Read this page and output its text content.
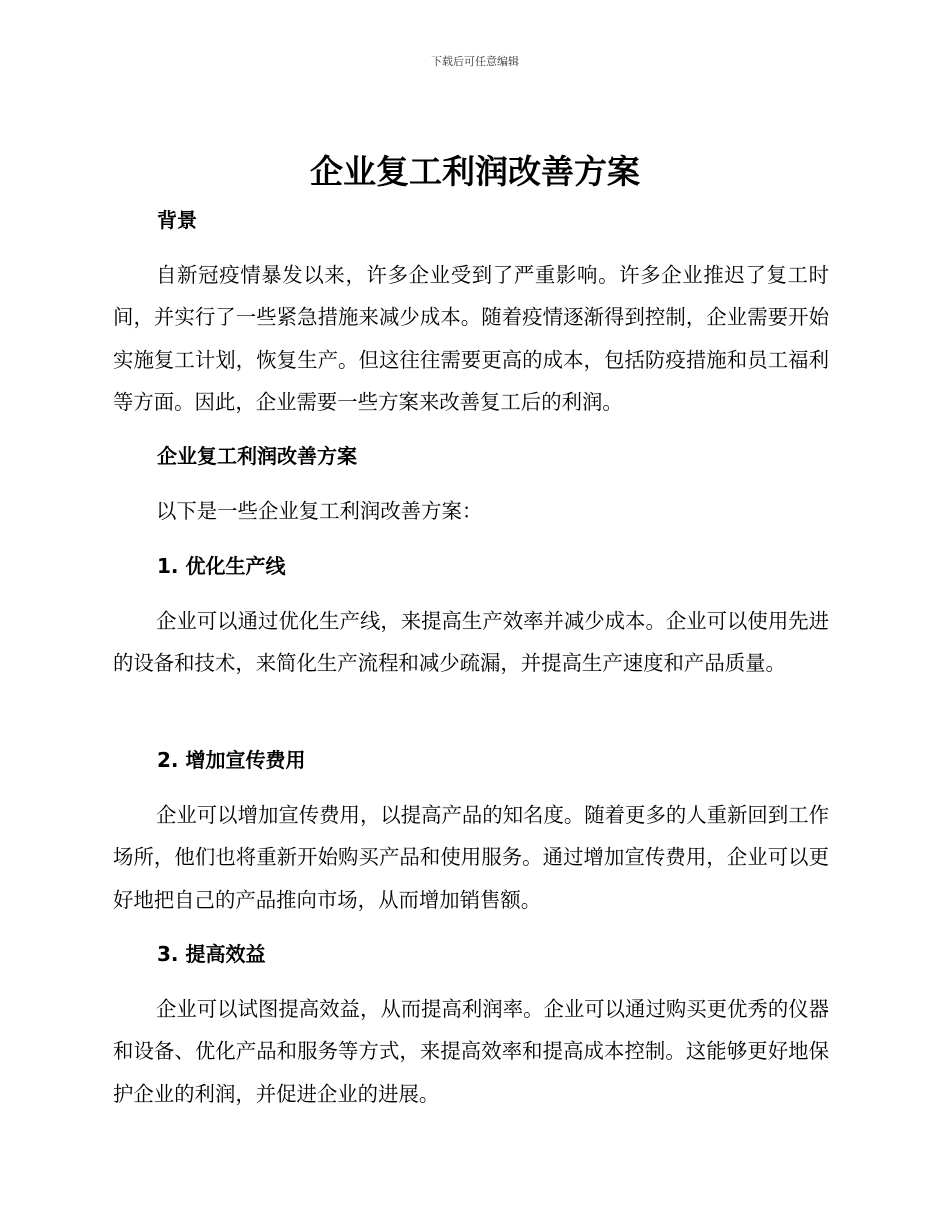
下载后可任意编辑
企业复工利润改善方案
背景
自新冠疫情暴发以来，许多企业受到了严重影响。许多企业推迟了复工时间，并实行了一些紧急措施来减少成本。随着疫情逐渐得到控制，企业需要开始实施复工计划，恢复生产。但这往往需要更高的成本，包括防疫措施和员工福利等方面。因此，企业需要一些方案来改善复工后的利润。
企业复工利润改善方案
以下是一些企业复工利润改善方案：
1. 优化生产线
企业可以通过优化生产线，来提高生产效率并减少成本。企业可以使用先进的设备和技术，来简化生产流程和减少疏漏，并提高生产速度和产品质量。
2. 增加宣传费用
企业可以增加宣传费用，以提高产品的知名度。随着更多的人重新回到工作场所，他们也将重新开始购买产品和使用服务。通过增加宣传费用，企业可以更好地把自己的产品推向市场，从而增加销售额。
3. 提高效益
企业可以试图提高效益，从而提高利润率。企业可以通过购买更优秀的仪器和设备、优化产品和服务等方式，来提高效率和提高成本控制。这能够更好地保护企业的利润，并促进企业的进展。
